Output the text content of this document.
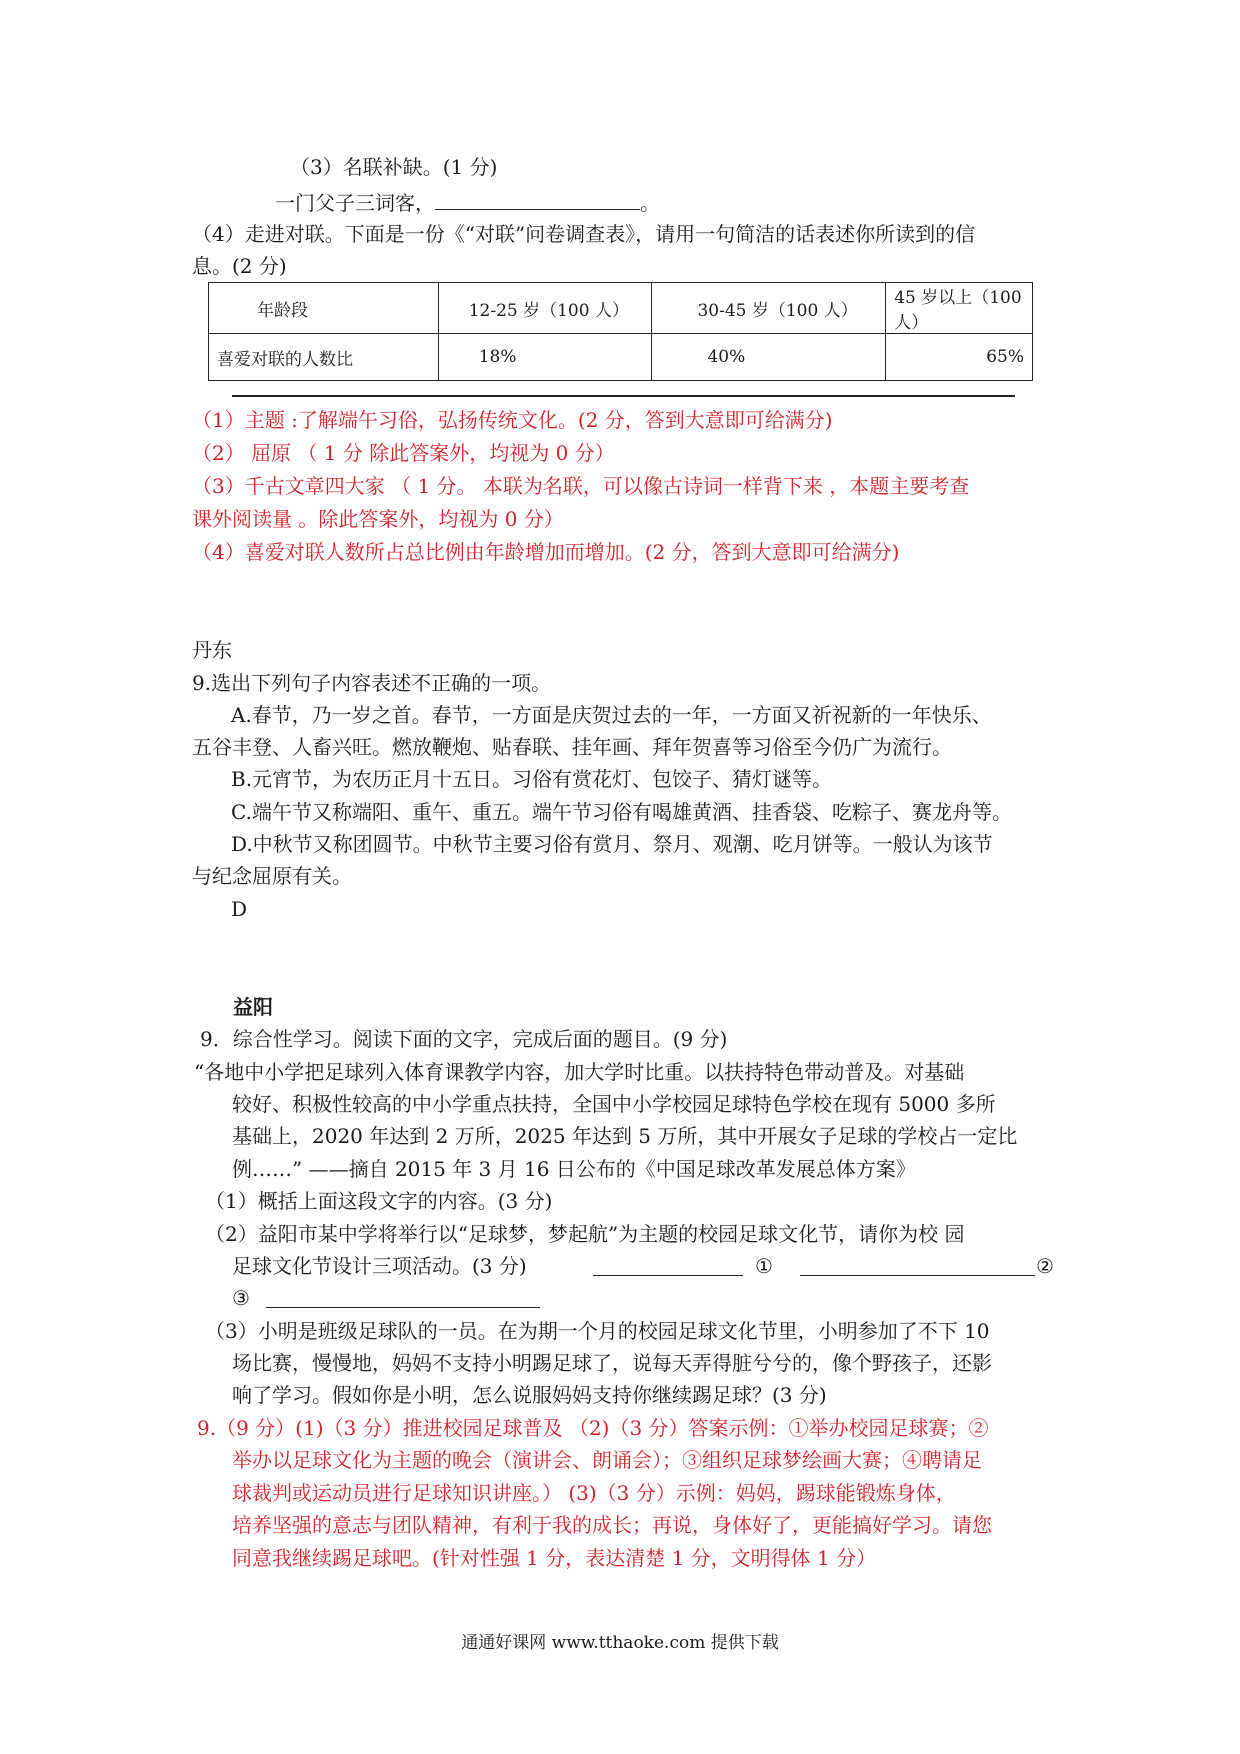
（3）名联补缺。(1 分)
一门父子三词客，	。
（4）走进对联。下面是一份《“对联”问卷调查表》，请用一句简洁的话表述你所读到的信
息。(2 分)
年龄段	12-25 岁（100 人）	30-45 岁（100 人）	45 岁以上（100 人）
喜爱对联的人数比	18%	40%	65%
（1）主题 :了解端午习俗，弘扬传统文化。(2 分，答到大意即可给满分)
（2） 屈原 （ 1 分 除此答案外，均视为 0 分）
（3）千古文章四大家 （ 1 分。 本联为名联，可以像古诗词一样背下来 ，本题主要考查
课外阅读量 。除此答案外，均视为 0 分）
（4）喜爱对联人数所占总比例由年龄增加而增加。(2 分，答到大意即可给满分)
丹东
9.选出下列句子内容表述不正确的一项。
A.春节，乃一岁之首。春节，一方面是庆贺过去的一年，一方面又祈祝新的一年快乐、
五谷丰登、人畜兴旺。燃放鞭炮、贴春联、挂年画、拜年贺喜等习俗至今仍广为流行。
B.元宵节，为农历正月十五日。习俗有赏花灯、包饺子、猜灯谜等。
C.端午节又称端阳、重午、重五。端午节习俗有喝雄黄酒、挂香袋、吃粽子、赛龙舟等。
D.中秋节又称团圆节。中秋节主要习俗有赏月、祭月、观潮、吃月饼等。一般认为该节
与纪念屈原有关。
D
益阳
9．综合性学习。阅读下面的文字，完成后面的题目。(9 分)
“各地中小学把足球列入体育课教学内容，加大学时比重。以扶持特色带动普及。对基础
较好、积极性较高的中小学重点扶持，全国中小学校园足球特色学校在现有 5000 多所
基础上，2020 年达到 2 万所，2025 年达到 5 万所，其中开展女子足球的学校占一定比
例……” ——摘自 2015 年 3 月 16 日公布的《中国足球改革发展总体方案》
（1）概括上面这段文字的内容。(3 分)
（2）益阳市某中学将举行以“足球梦，梦起航”为主题的校园足球文化节，请你为校 园
足球文化节设计三项活动。(3 分)	①	②
③
（3）小明是班级足球队的一员。在为期一个月的校园足球文化节里，小明参加了不下 10
场比赛，慢慢地，妈妈不支持小明踢足球了，说每天弄得脏兮兮的，像个野孩子，还影
响了学习。假如你是小明，怎么说服妈妈支持你继续踢足球？(3 分)
9.（9 分）(1)（3 分）推进校园足球普及 （2)（3 分）答案示例：①举办校园足球赛；②
举办以足球文化为主题的晚会（演讲会、朗诵会）；③组织足球梦绘画大赛；④聘请足
球裁判或运动员进行足球知识讲座。） (3)（3 分）示例：妈妈，踢球能锻炼身体，
培养坚强的意志与团队精神，有利于我的成长；再说，身体好了，更能搞好学习。请您
同意我继续踢足球吧。(针对性强 1 分，表达清楚 1 分，文明得体 1 分）
通通好课网 www.tthaoke.com 提供下载
